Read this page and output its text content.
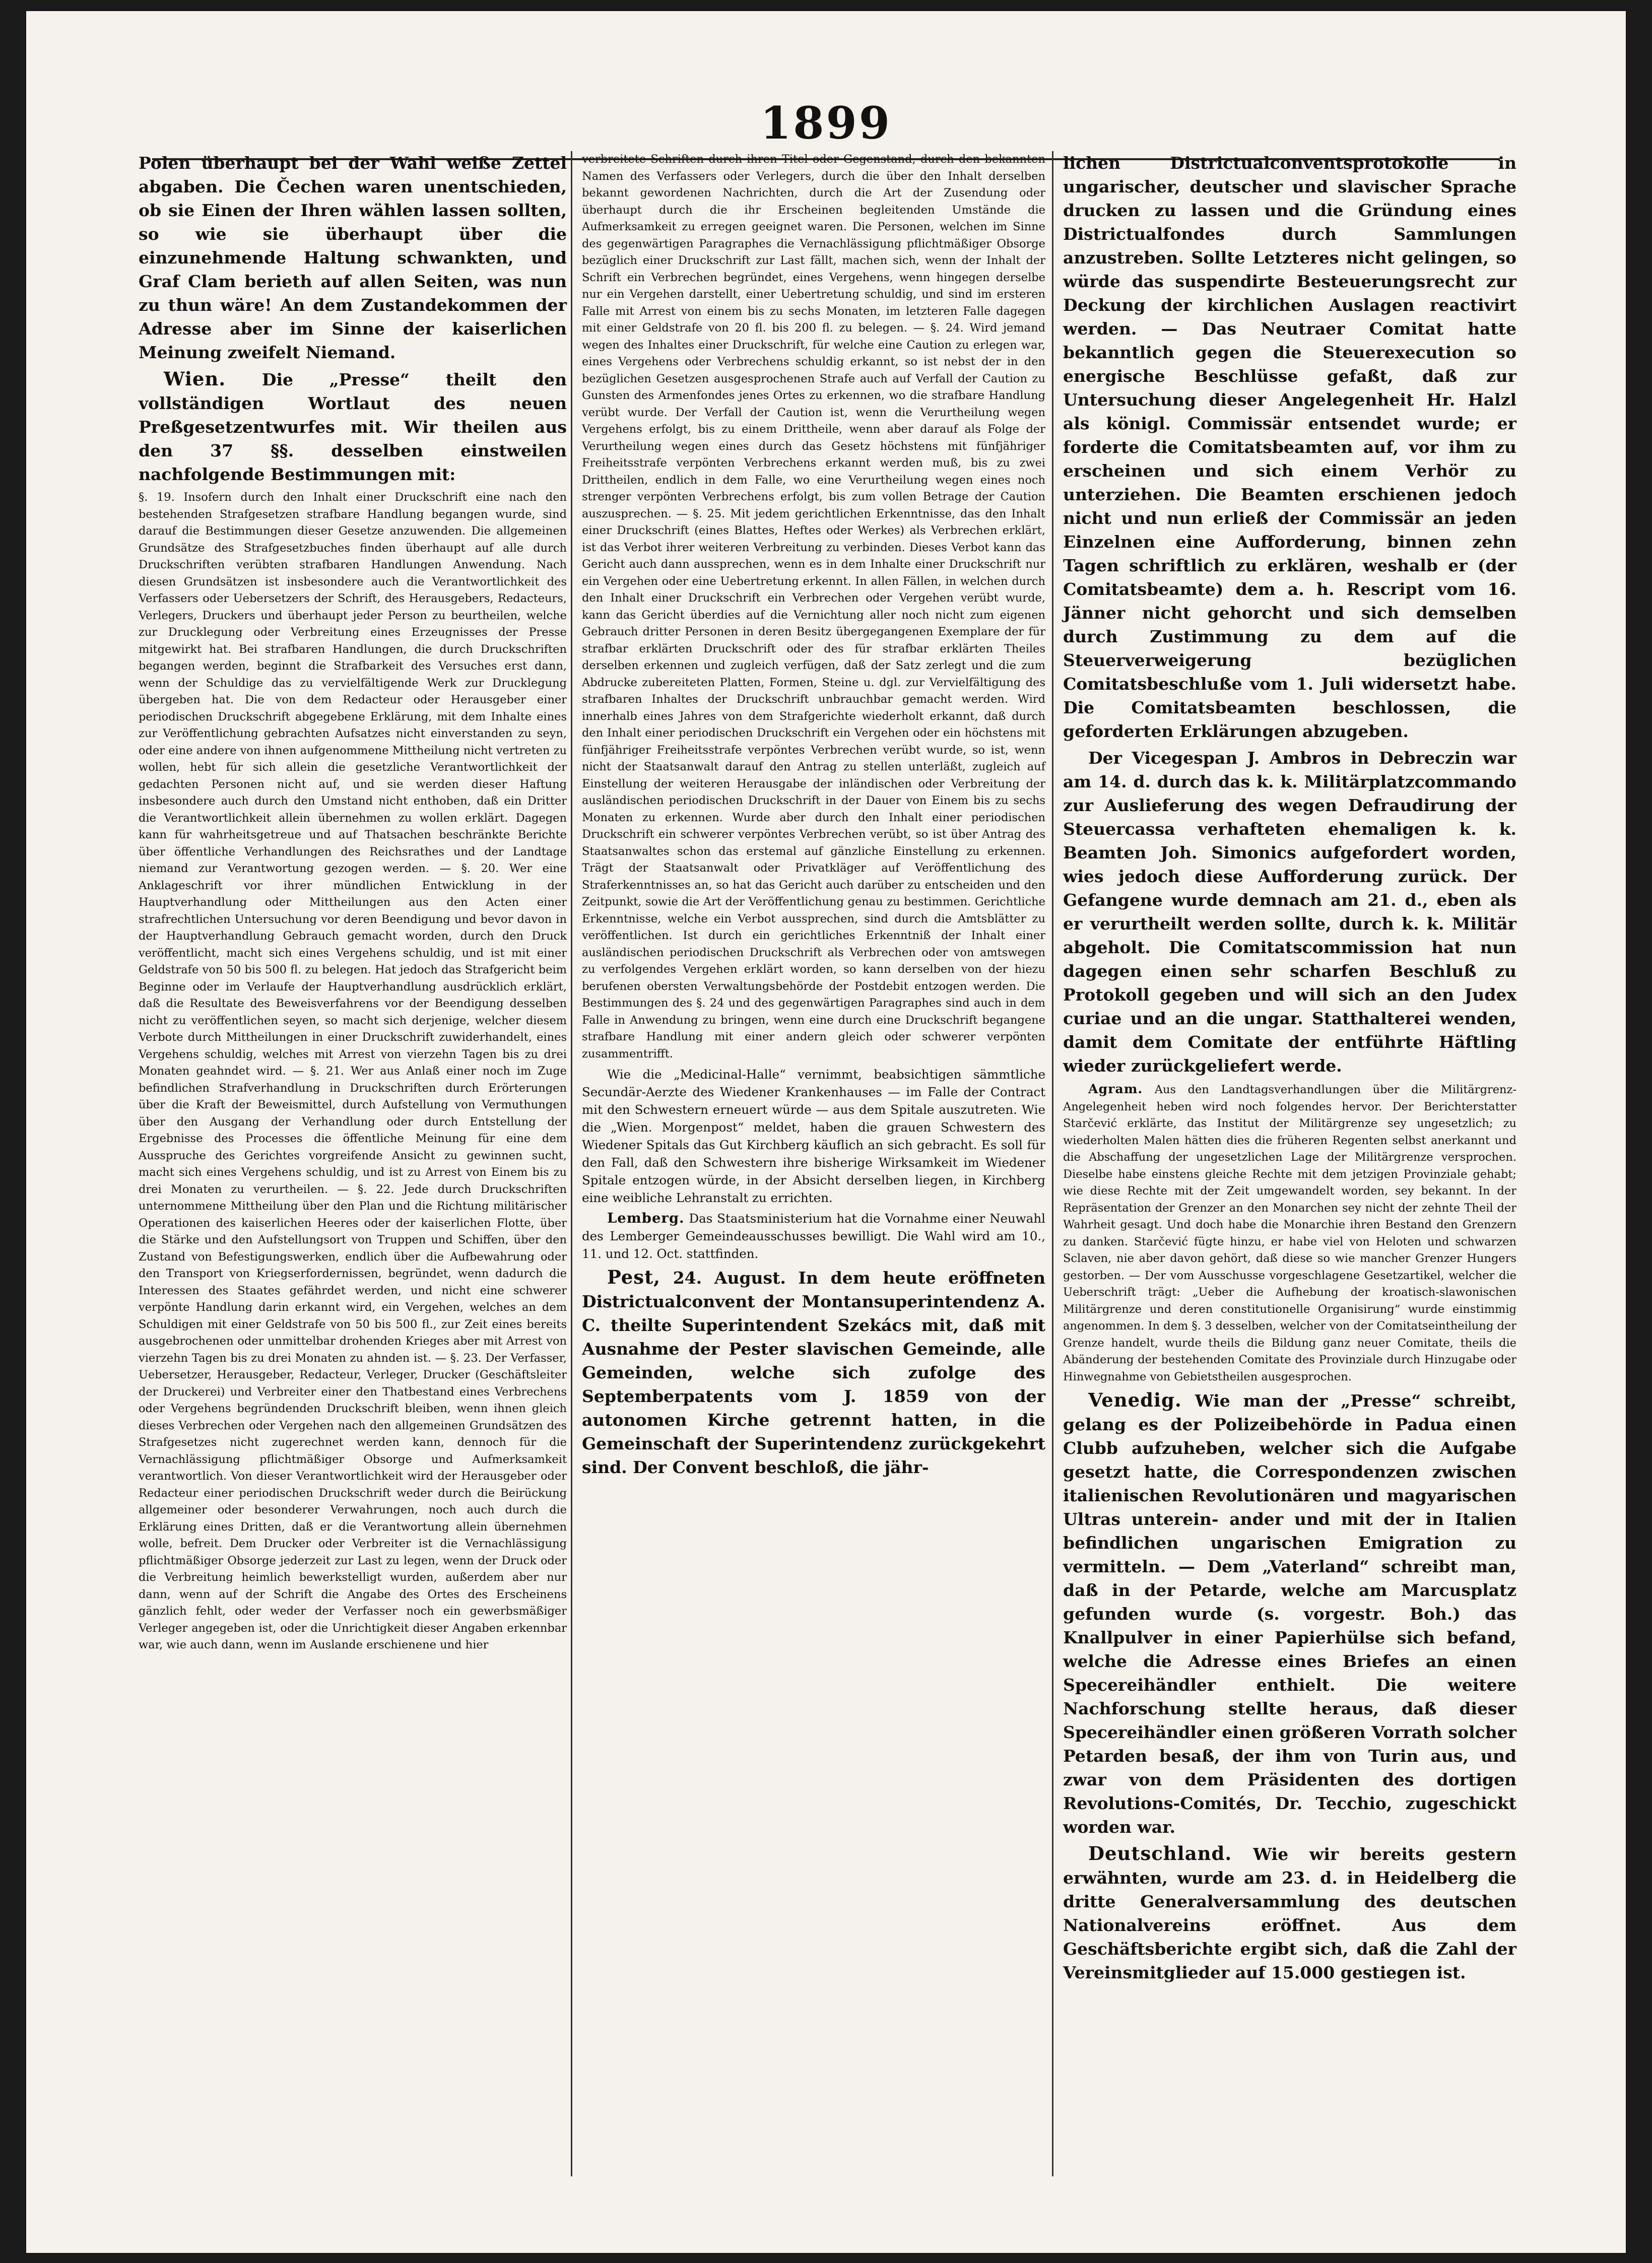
1899

Polen überhaupt bei der Wahl weiße Zettel abgaben. Die Čechen waren unentschieden, ob sie Einen der Ihren wählen lassen sollten, so wie sie überhaupt über die einzunehmende Haltung schwankten, und Graf Clam berieth auf allen Seiten, was nun zu thun wäre! An dem Zustandekommen der Adresse aber im Sinne der kaiserlichen Meinung zweifelt Niemand.

Wien. Die „Presse“ theilt den vollständigen Wortlaut des neuen Preßgesetzentwurfes mit. Wir theilen aus den 37 §§. desselben einstweilen nachfolgende Bestimmungen mit:

§. 19. Insofern durch den Inhalt einer Druckschrift eine nach den bestehenden Strafgesetzen strafbare Handlung begangen wurde, sind darauf die Bestimmungen dieser Gesetze anzuwenden. Die allgemeinen Grundsätze des Strafgesetzbuches finden überhaupt auf alle durch Druckschriften verübten strafbaren Handlungen Anwendung. Nach diesen Grundsätzen ist insbesondere auch die Verantwortlichkeit des Verfassers oder Uebersetzers der Schrift, des Herausgebers, Redacteurs, Verlegers, Druckers und überhaupt jeder Person zu beurtheilen, welche zur Drucklegung oder Verbreitung eines Erzeugnisses der Presse mitgewirkt hat. Bei strafbaren Handlungen, die durch Druckschriften begangen werden, beginnt die Strafbarkeit des Versuches erst dann, wenn der Schuldige das zu vervielfältigende Werk zur Drucklegung übergeben hat. Die von dem Redacteur oder Herausgeber einer periodischen Druckschrift abgegebene Erklärung, mit dem Inhalte eines zur Veröffentlichung gebrachten Aufsatzes nicht einverstanden zu seyn, oder eine andere von ihnen aufgenommene Mittheilung nicht vertreten zu wollen, hebt für sich allein die gesetzliche Verantwortlichkeit der gedachten Personen nicht auf, und sie werden dieser Haftung insbesondere auch durch den Umstand nicht enthoben, daß ein Dritter die Verantwortlichkeit allein übernehmen zu wollen erklärt. Dagegen kann für wahrheitsgetreue und auf Thatsachen beschränkte Berichte über öffentliche Verhandlungen des Reichsrathes und der Landtage niemand zur Verantwortung gezogen werden. — §. 20. Wer eine Anklageschrift vor ihrer mündlichen Entwicklung in der Hauptverhandlung oder Mittheilungen aus den Acten einer strafrechtlichen Untersuchung vor deren Beendigung und bevor davon in der Hauptverhandlung Gebrauch gemacht worden, durch den Druck veröffentlicht, macht sich eines Vergehens schuldig, und ist mit einer Geldstrafe von 50 bis 500 fl. zu belegen. Hat jedoch das Strafgericht beim Beginne oder im Verlaufe der Hauptverhandlung ausdrücklich erklärt, daß die Resultate des Beweisverfahrens vor der Beendigung desselben nicht zu veröffentlichen seyen, so macht sich derjenige, welcher diesem Verbote durch Mittheilungen in einer Druckschrift zuwiderhandelt, eines Vergehens schuldig, welches mit Arrest von vierzehn Tagen bis zu drei Monaten geahndet wird. — §. 21. Wer aus Anlaß einer noch im Zuge befindlichen Strafverhandlung in Druckschriften durch Erörterungen über die Kraft der Beweismittel, durch Aufstellung von Vermuthungen über den Ausgang der Verhandlung oder durch Entstellung der Ergebnisse des Processes die öffentliche Meinung für eine dem Ausspruche des Gerichtes vorgreifende Ansicht zu gewinnen sucht, macht sich eines Vergehens schuldig, und ist zu Arrest von Einem bis zu drei Monaten zu verurtheilen. — §. 22. Jede durch Druckschriften unternommene Mittheilung über den Plan und die Richtung militärischer Operationen des kaiserlichen Heeres oder der kaiserlichen Flotte, über die Stärke und den Aufstellungsort von Truppen und Schiffen, über den Zustand von Befestigungswerken, endlich über die Aufbewahrung oder den Transport von Kriegserfordernissen, begründet, wenn dadurch die Interessen des Staates gefährdet werden, und nicht eine schwerer verpönte Handlung darin erkannt wird, ein Vergehen, welches an dem Schuldigen mit einer Geldstrafe von 50 bis 500 fl., zur Zeit eines bereits ausgebrochenen oder unmittelbar drohenden Krieges aber mit Arrest von vierzehn Tagen bis zu drei Monaten zu ahnden ist. — §. 23. Der Verfasser, Uebersetzer, Herausgeber, Redacteur, Verleger, Drucker (Geschäftsleiter der Druckerei) und Verbreiter einer den Thatbestand eines Verbrechens oder Vergehens begründenden Druckschrift bleiben, wenn ihnen gleich dieses Verbrechen oder Vergehen nach den allgemeinen Grundsätzen des Strafgesetzes nicht zugerechnet werden kann, dennoch für die Vernachlässigung pflichtmäßiger Obsorge und Aufmerksamkeit verantwortlich. Von dieser Verantwortlichkeit wird der Herausgeber oder Redacteur einer periodischen Druckschrift weder durch die Beirückung allgemeiner oder besonderer Verwahrungen, noch auch durch die Erklärung eines Dritten, daß er die Verantwortung allein übernehmen wolle, befreit. Dem Drucker oder Verbreiter ist die Vernachlässigung pflichtmäßiger Obsorge jederzeit zur Last zu legen, wenn der Druck oder die Verbreitung heimlich bewerkstelligt wurden, außerdem aber nur dann, wenn auf der Schrift die Angabe des Ortes des Erscheinens gänzlich fehlt, oder weder der Verfasser noch ein gewerbsmäßiger Verleger angegeben ist, oder die Unrichtigkeit dieser Angaben erkennbar war, wie auch dann, wenn im Auslande erschienene und hier

verbreitete Schriften durch ihren Titel oder Gegenstand, durch den bekannten Namen des Verfassers oder Verlegers, durch die über den Inhalt derselben bekannt gewordenen Nachrichten, durch die Art der Zusendung oder überhaupt durch die ihr Erscheinen begleitenden Umstände die Aufmerksamkeit zu erregen geeignet waren. Die Personen, welchen im Sinne des gegenwärtigen Paragraphes die Vernachlässigung pflichtmäßiger Obsorge bezüglich einer Druckschrift zur Last fällt, machen sich, wenn der Inhalt der Schrift ein Verbrechen begründet, eines Vergehens, wenn hingegen derselbe nur ein Vergehen darstellt, einer Uebertretung schuldig, und sind im ersteren Falle mit Arrest von einem bis zu sechs Monaten, im letzteren Falle dagegen mit einer Geldstrafe von 20 fl. bis 200 fl. zu belegen. — §. 24. Wird jemand wegen des Inhaltes einer Druckschrift, für welche eine Caution zu erlegen war, eines Vergehens oder Verbrechens schuldig erkannt, so ist nebst der in den bezüglichen Gesetzen ausgesprochenen Strafe auch auf Verfall der Caution zu Gunsten des Armenfondes jenes Ortes zu erkennen, wo die strafbare Handlung verübt wurde. Der Verfall der Caution ist, wenn die Verurtheilung wegen Vergehens erfolgt, bis zu einem Drittheile, wenn aber darauf als Folge der Verurtheilung wegen eines durch das Gesetz höchstens mit fünfjähriger Freiheitsstrafe verpönten Verbrechens erkannt werden muß, bis zu zwei Drittheilen, endlich in dem Falle, wo eine Verurtheilung wegen eines noch strenger verpönten Verbrechens erfolgt, bis zum vollen Betrage der Caution auszusprechen. — §. 25. Mit jedem gerichtlichen Erkenntnisse, das den Inhalt einer Druckschrift (eines Blattes, Heftes oder Werkes) als Verbrechen erklärt, ist das Verbot ihrer weiteren Verbreitung zu verbinden. Dieses Verbot kann das Gericht auch dann aussprechen, wenn es in dem Inhalte einer Druckschrift nur ein Vergehen oder eine Uebertretung erkennt. In allen Fällen, in welchen durch den Inhalt einer Druckschrift ein Verbrechen oder Vergehen verübt wurde, kann das Gericht überdies auf die Vernichtung aller noch nicht zum eigenen Gebrauch dritter Personen in deren Besitz übergegangenen Exemplare der für strafbar erklärten Druckschrift oder des für strafbar erklärten Theiles derselben erkennen und zugleich verfügen, daß der Satz zerlegt und die zum Abdrucke zubereiteten Platten, Formen, Steine u. dgl. zur Vervielfältigung des strafbaren Inhaltes der Druckschrift unbrauchbar gemacht werden. Wird innerhalb eines Jahres von dem Strafgerichte wiederholt erkannt, daß durch den Inhalt einer periodischen Druckschrift ein Vergehen oder ein höchstens mit fünfjähriger Freiheitsstrafe verpöntes Verbrechen verübt wurde, so ist, wenn nicht der Staatsanwalt darauf den Antrag zu stellen unterläßt, zugleich auf Einstellung der weiteren Herausgabe der inländischen oder Verbreitung der ausländischen periodischen Druckschrift in der Dauer von Einem bis zu sechs Monaten zu erkennen. Wurde aber durch den Inhalt einer periodischen Druckschrift ein schwerer verpöntes Verbrechen verübt, so ist über Antrag des Staatsanwaltes schon das erstemal auf gänzliche Einstellung zu erkennen. Trägt der Staatsanwalt oder Privatkläger auf Veröffentlichung des Straferkenntnisses an, so hat das Gericht auch darüber zu entscheiden und den Zeitpunkt, sowie die Art der Veröffentlichung genau zu bestimmen. Gerichtliche Erkenntnisse, welche ein Verbot aussprechen, sind durch die Amtsblätter zu veröffentlichen. Ist durch ein gerichtliches Erkenntniß der Inhalt einer ausländischen periodischen Druckschrift als Verbrechen oder von amtswegen zu verfolgendes Vergehen erklärt worden, so kann derselben von der hiezu berufenen obersten Verwaltungsbehörde der Postdebit entzogen werden. Die Bestimmungen des §. 24 und des gegenwärtigen Paragraphes sind auch in dem Falle in Anwendung zu bringen, wenn eine durch eine Druckschrift begangene strafbare Handlung mit einer andern gleich oder schwerer verpönten zusammentrifft.

Wie die „Medicinal-Halle“ vernimmt, beabsichtigen sämmtliche Secundär-Aerzte des Wiedener Krankenhauses — im Falle der Contract mit den Schwestern erneuert würde — aus dem Spitale auszutreten. Wie die „Wien. Morgenpost“ meldet, haben die grauen Schwestern des Wiedener Spitals das Gut Kirchberg käuflich an sich gebracht. Es soll für den Fall, daß den Schwestern ihre bisherige Wirksamkeit im Wiedener Spitale entzogen würde, in der Absicht derselben liegen, in Kirchberg eine weibliche Lehranstalt zu errichten.

Lemberg. Das Staatsministerium hat die Vornahme einer Neuwahl des Lemberger Gemeindeausschusses bewilligt. Die Wahl wird am 10., 11. und 12. Oct. stattfinden.

Pest, 24. August. In dem heute eröffneten Districtualconvent der Montansuperintendenz A. C. theilte Superintendent Szekács mit, daß mit Ausnahme der Pester slavischen Gemeinde, alle Gemeinden, welche sich zufolge des Septemberpatents vom J. 1859 von der autonomen Kirche getrennt hatten, in die Gemeinschaft der Superintendenz zurückgekehrt sind. Der Convent beschloß, die jähr-

lichen Districtualconventsprotokolle in ungarischer, deutscher und slavischer Sprache drucken zu lassen und die Gründung eines Districtualfondes durch Sammlungen anzustreben. Sollte Letzteres nicht gelingen, so würde das suspendirte Besteuerungsrecht zur Deckung der kirchlichen Auslagen reactivirt werden. — Das Neutraer Comitat hatte bekanntlich gegen die Steuerexecution so energische Beschlüsse gefaßt, daß zur Untersuchung dieser Angelegenheit Hr. Halzl als königl. Commissär entsendet wurde; er forderte die Comitatsbeamten auf, vor ihm zu erscheinen und sich einem Verhör zu unterziehen. Die Beamten erschienen jedoch nicht und nun erließ der Commissär an jeden Einzelnen eine Aufforderung, binnen zehn Tagen schriftlich zu erklären, weshalb er (der Comitatsbeamte) dem a. h. Rescript vom 16. Jänner nicht gehorcht und sich demselben durch Zustimmung zu dem auf die Steuerverweigerung bezüglichen Comitatsbeschluße vom 1. Juli widersetzt habe. Die Comitatsbeamten beschlossen, die geforderten Erklärungen abzugeben.

Der Vicegespan J. Ambros in Debreczin war am 14. d. durch das k. k. Militärplatzcommando zur Auslieferung des wegen Defraudirung der Steuercassa verhafteten ehemaligen k. k. Beamten Joh. Simonics aufgefordert worden, wies jedoch diese Aufforderung zurück. Der Gefangene wurde demnach am 21. d., eben als er verurtheilt werden sollte, durch k. k. Militär abgeholt. Die Comitatscommission hat nun dagegen einen sehr scharfen Beschluß zu Protokoll gegeben und will sich an den Judex curiae und an die ungar. Statthalterei wenden, damit dem Comitate der entführte Häftling wieder zurückgeliefert werde.

Agram. Aus den Landtagsverhandlungen über die Militärgrenz-Angelegenheit heben wird noch folgendes hervor. Der Berichterstatter Starčević erklärte, das Institut der Militärgrenze sey ungesetzlich; zu wiederholten Malen hätten dies die früheren Regenten selbst anerkannt und die Abschaffung der ungesetzlichen Lage der Militärgrenze versprochen. Dieselbe habe einstens gleiche Rechte mit dem jetzigen Provinziale gehabt; wie diese Rechte mit der Zeit umgewandelt worden, sey bekannt. In der Repräsentation der Grenzer an den Monarchen sey nicht der zehnte Theil der Wahrheit gesagt. Und doch habe die Monarchie ihren Bestand den Grenzern zu danken. Starčević fügte hinzu, er habe viel von Heloten und schwarzen Sclaven, nie aber davon gehört, daß diese so wie mancher Grenzer Hungers gestorben. — Der vom Ausschusse vorgeschlagene Gesetzartikel, welcher die Ueberschrift trägt: „Ueber die Aufhebung der kroatisch-slawonischen Militärgrenze und deren constitutionelle Organisirung“ wurde einstimmig angenommen. In dem §. 3 desselben, welcher von der Comitatseintheilung der Grenze handelt, wurde theils die Bildung ganz neuer Comitate, theils die Abänderung der bestehenden Comitate des Provinziale durch Hinzugabe oder Hinwegnahme von Gebietstheilen ausgesprochen.

Venedig. Wie man der „Presse“ schreibt, gelang es der Polizeibehörde in Padua einen Clubb aufzuheben, welcher sich die Aufgabe gesetzt hatte, die Correspondenzen zwischen italienischen Revolutionären und magyarischen Ultras unterein- ander und mit der in Italien befindlichen ungarischen Emigration zu vermitteln. — Dem „Vaterland“ schreibt man, daß in der Petarde, welche am Marcusplatz gefunden wurde (s. vorgestr. Boh.) das Knallpulver in einer Papierhülse sich befand, welche die Adresse eines Briefes an einen Specereihändler enthielt. Die weitere Nachforschung stellte heraus, daß dieser Specereihändler einen größeren Vorrath solcher Petarden besaß, der ihm von Turin aus, und zwar von dem Präsidenten des dortigen Revolutions-Comités, Dr. Tecchio, zugeschickt worden war.

Deutschland. Wie wir bereits gestern erwähnten, wurde am 23. d. in Heidelberg die dritte Generalversammlung des deutschen Nationalvereins eröffnet. Aus dem Geschäftsberichte ergibt sich, daß die Zahl der Vereinsmitglieder auf 15.000 gestiegen ist.
